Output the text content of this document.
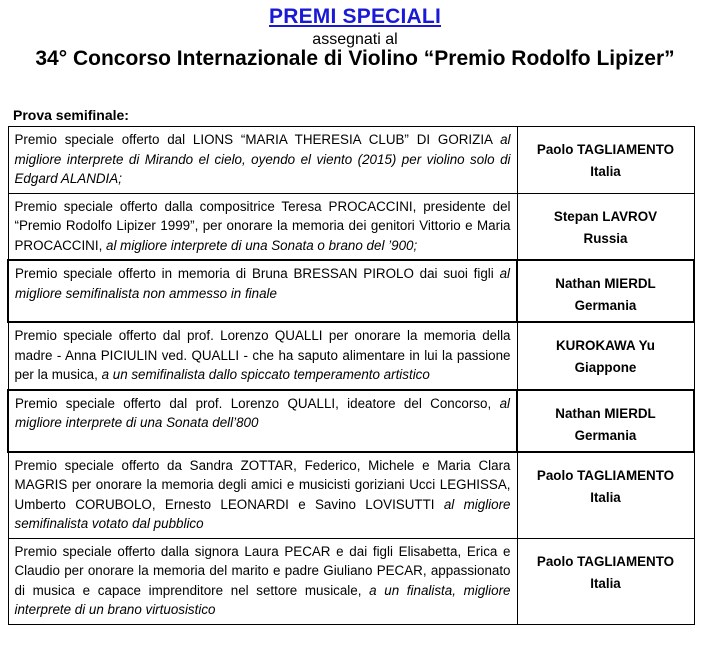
PREMI SPECIALI
assegnati al
34° Concorso Internazionale di Violino “Premio Rodolfo Lipizer”
Prova semifinale:
Premio speciale offerto dal LIONS “MARIA THERESIA CLUB” DI GORIZIA al migliore interprete di Mirando el cielo, oyendo el viento (2015) per violino solo di Edgard ALANDIA;	Paolo TAGLIAMENTO
Italia

Premio speciale offerto dalla compositrice Teresa PROCACCINI, presidente del “Premio Rodolfo Lipizer 1999”, per onorare la memoria dei genitori Vittorio e Maria PROCACCINI, al migliore interprete di una Sonata o brano del ’900;	Stepan LAVROV
Russia

Premio speciale offerto in memoria di Bruna BRESSAN PIROLO dai suoi figli al migliore semifinalista non ammesso in finale	Nathan MIERDL
Germania

Premio speciale offerto dal prof. Lorenzo QUALLI per onorare la memoria della madre - Anna PICIULIN ved. QUALLI - che ha saputo alimentare in lui la passione per la musica, a un semifinalista dallo spiccato temperamento artistico	KUROKAWA Yu
Giappone

Premio speciale offerto dal prof. Lorenzo QUALLI, ideatore del Concorso, al migliore interprete di una Sonata dell’800	Nathan MIERDL
Germania

Premio speciale offerto da Sandra ZOTTAR, Federico, Michele e Maria Clara MAGRIS per onorare la memoria degli amici e musicisti goriziani Ucci LEGHISSA, Umberto CORUBOLO, Ernesto LEONARDI e Savino LOVISUTTI al migliore semifinalista votato dal pubblico	Paolo TAGLIAMENTO
Italia

Premio speciale offerto dalla signora Laura PECAR e dai figli Elisabetta, Erica e Claudio per onorare la memoria del marito e padre Giuliano PECAR, appassionato di musica e capace imprenditore nel settore musicale, a un finalista, migliore interprete di un brano virtuosistico	Paolo TAGLIAMENTO
Italia
